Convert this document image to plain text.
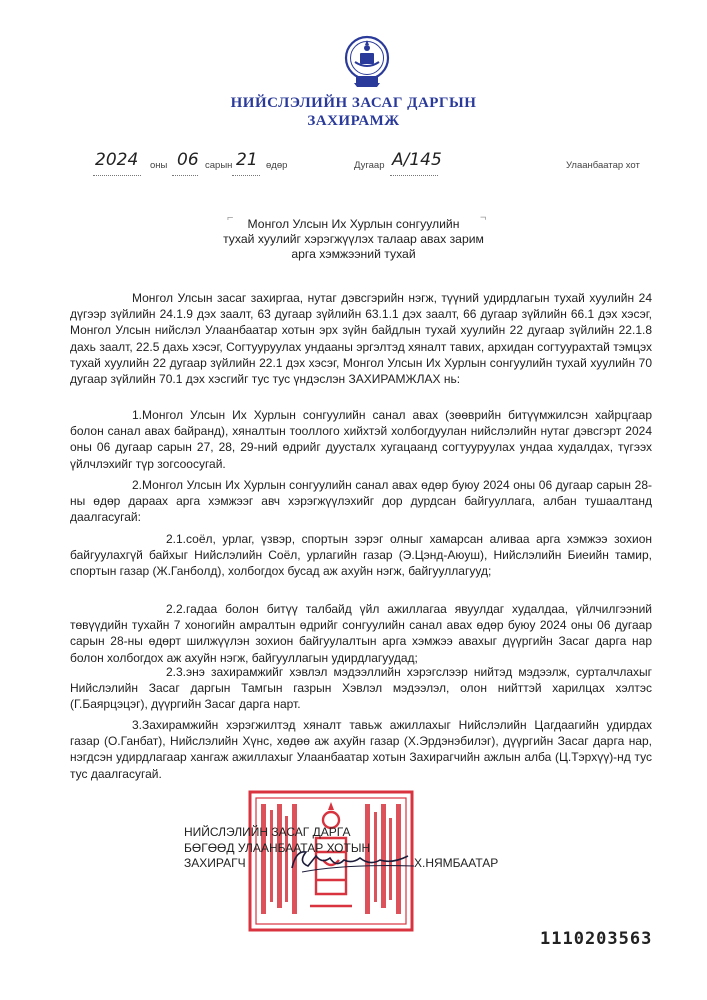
НИЙСЛЭЛИЙН ЗАСАГ ДАРГЫН
ЗАХИРАМЖ
2024 оны 06 сарын 21 өдөр	Дугаар А/145	Улаанбаатар хот
⌐	¬
Монгол Улсын Их Хурлын сонгуулийн
тухай хуулийг хэрэгжүүлэх талаар авах зарим
арга хэмжээний тухай

Монгол Улсын засаг захиргаа, нутаг дэвсгэрийн нэгж, түүний удирдлагын тухай хуулийн 24 дүгээр зүйлийн 24.1.9 дэх заалт, 63 дугаар зүйлийн 63.1.1 дэх заалт, 66 дугаар зүйлийн 66.1 дэх хэсэг, Монгол Улсын нийслэл Улаанбаатар хотын эрх зүйн байдлын тухай хуулийн 22 дугаар зүйлийн 22.1.8 дахь заалт, 22.5 дахь хэсэг, Согтууруулах ундааны эргэлтэд хяналт тавих, архидан согтуурахтай тэмцэх тухай хуулийн 22 дугаар зүйлийн 22.1 дэх хэсэг, Монгол Улсын Их Хурлын сонгуулийн тухай хуулийн 70 дугаар зүйлийн 70.1 дэх хэсгийг тус тус үндэслэн ЗАХИРАМЖЛАХ нь:

1.Монгол Улсын Их Хурлын сонгуулийн санал авах (зөөврийн битүүмжилсэн хайрцгаар болон санал авах байранд), хяналтын тооллого хийхтэй холбогдуулан нийслэлийн нутаг дэвсгэрт 2024 оны 06 дугаар сарын 27, 28, 29-ний өдрийг дуусталх хугацаанд согтууруулах ундаа худалдах, түгээх үйлчлэхийг түр зогсоосугай.

2.Монгол Улсын Их Хурлын сонгуулийн санал авах өдөр буюу 2024 оны 06 дугаар сарын 28-ны өдөр дараах арга хэмжээг авч хэрэгжүүлэхийг дор дурдсан байгууллага, албан тушаалтанд даалгасугай:

2.1.соёл, урлаг, үзвэр, спортын зэрэг олныг хамарсан аливаа арга хэмжээ зохион байгуулахгүй байхыг Нийслэлийн Соёл, урлагийн газар (Э.Цэнд-Аюуш), Нийслэлийн Биеийн тамир, спортын газар (Ж.Ганболд), холбогдох бусад аж ахуйн нэгж, байгууллагууд;

2.2.гадаа болон битүү талбайд үйл ажиллагаа явуулдаг худалдаа, үйлчилгээний төвүүдийн тухайн 7 хоногийн амралтын өдрийг сонгуулийн санал авах өдөр буюу 2024 оны 06 дугаар сарын 28-ны өдөрт шилжүүлэн зохион байгуулалтын арга хэмжээ авахыг дүүргийн Засаг дарга нар болон холбогдох аж ахуйн нэгж, байгууллагын удирдлагуудад;

2.3.энэ захирамжийг хэвлэл мэдээллийн хэрэгслээр нийтэд мэдээлж, сурталчлахыг Нийслэлийн Засаг даргын Тамгын газрын Хэвлэл мэдээлэл, олон нийттэй харилцах хэлтэс (Г.Баярцэцэг), дүүргийн Засаг дарга нарт.

3.Захирамжийн хэрэгжилтэд хяналт тавьж ажиллахыг Нийслэлийн Цагдаагийн удирдах газар (О.Ганбат), Нийслэлийн Хүнс, хөдөө аж ахуйн газар (Х.Эрдэнэбилэг), дүүргийн Засаг дарга нар, нэгдсэн удирдлагаар хангаж ажиллахыг Улаанбаатар хотын Захирагчийн ажлын алба (Ц.Тэрхүү)-нд тус тус даалгасугай.

НИЙСЛЭЛИЙН ЗАСАГ ДАРГА
БӨГӨӨД УЛААНБААТАР ХОТЫН
ЗАХИРАГЧ	Х.НЯМБААТАР
1110203563
